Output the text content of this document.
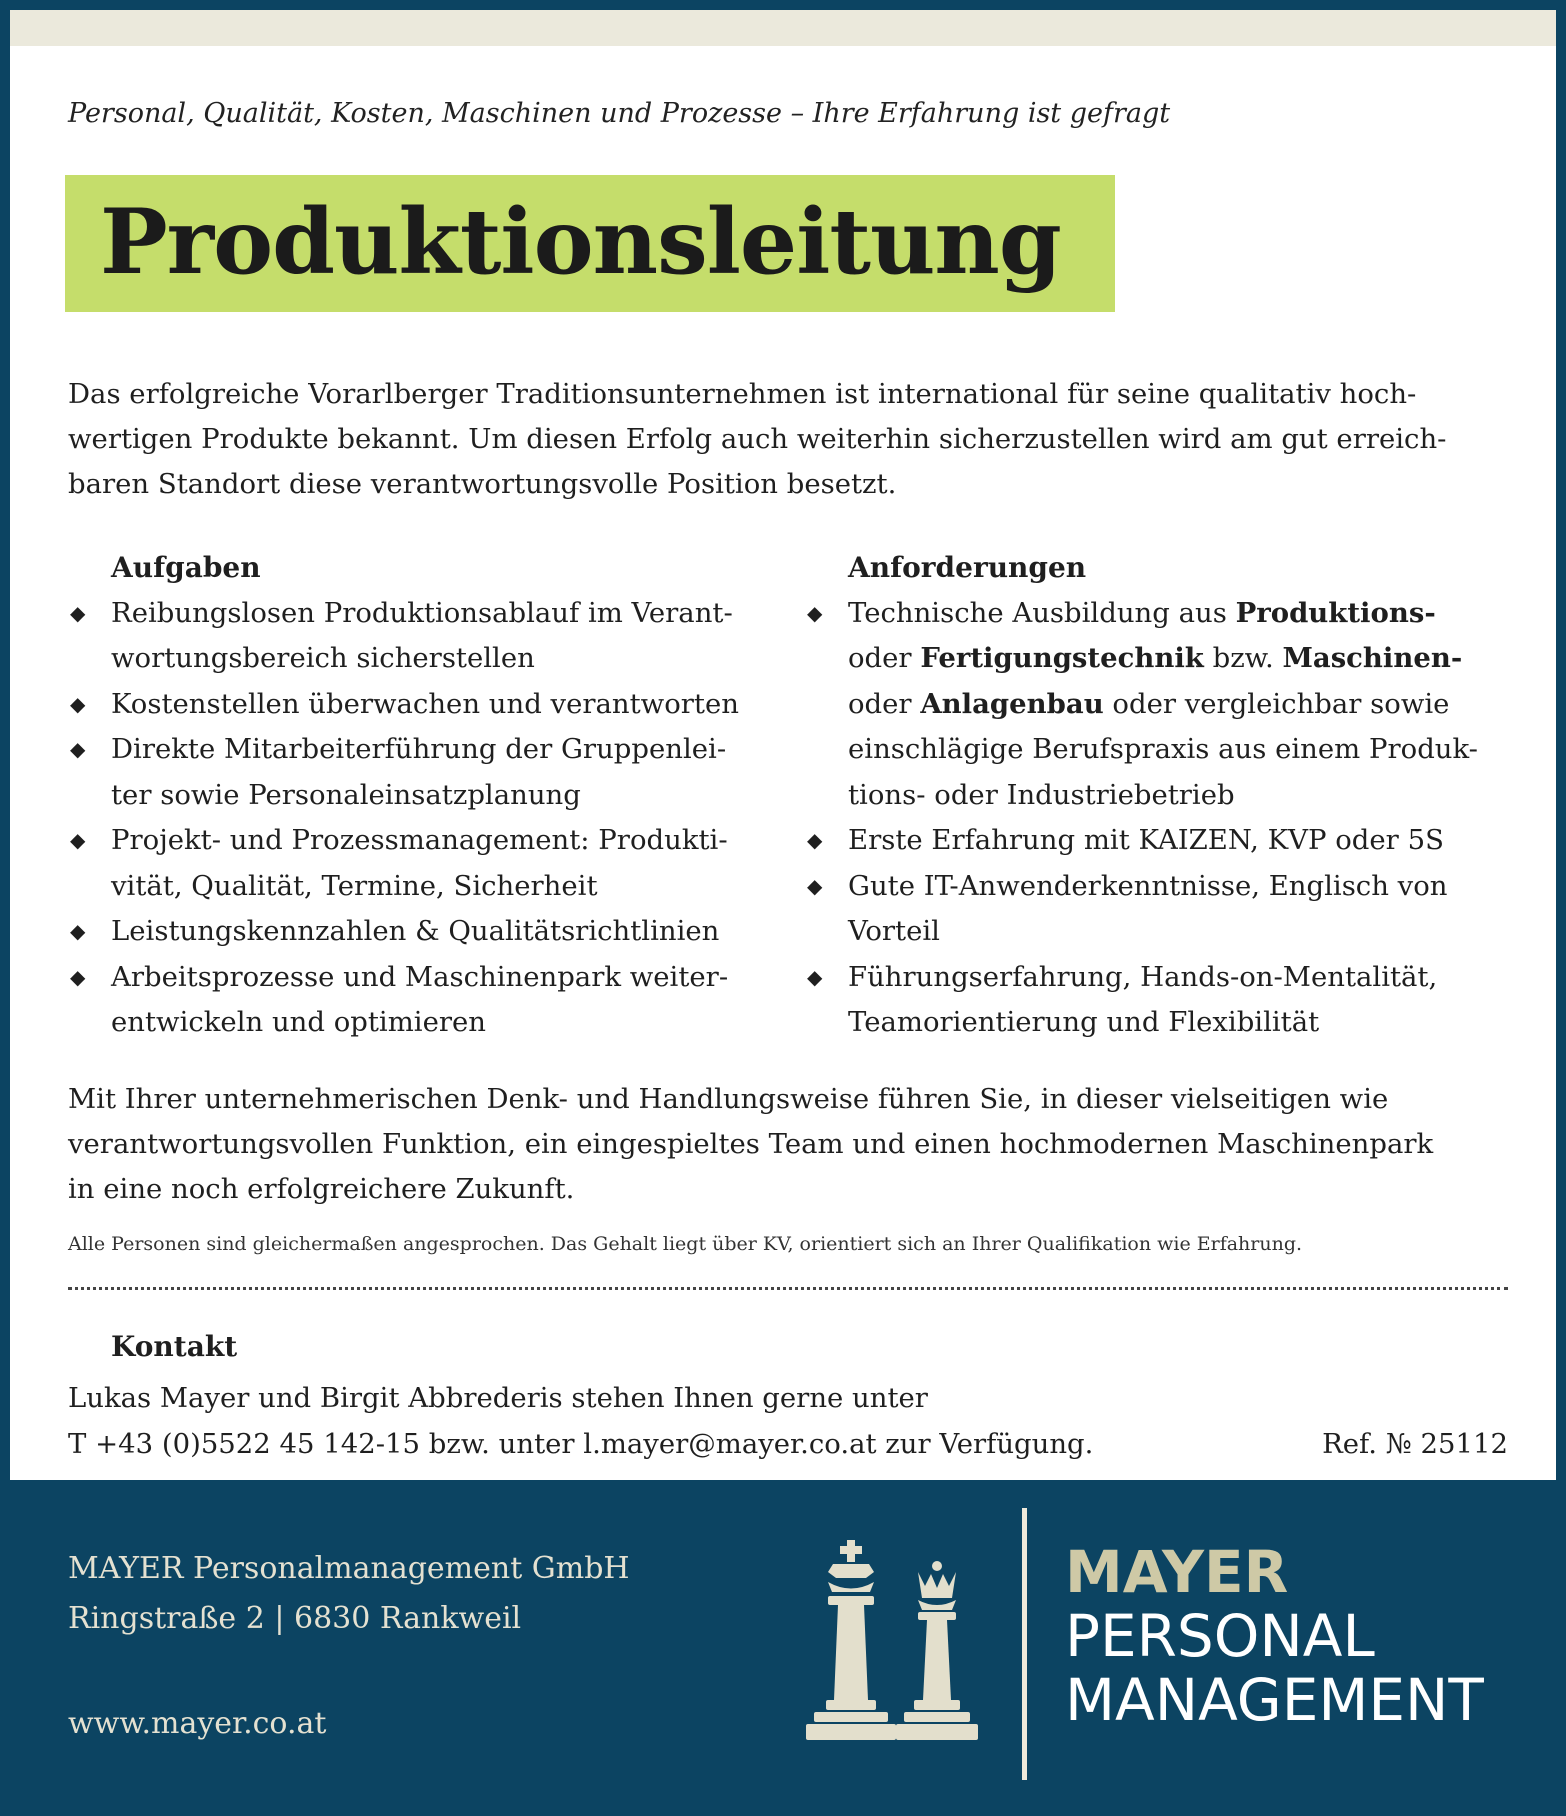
Personal, Qualität, Kosten, Maschinen und Prozesse – Ihre Erfahrung ist gefragt
Produktionsleitung
Das erfolgreiche Vorarlberger Traditionsunternehmen ist international für seine qualitativ hoch-
wertigen Produkte bekannt. Um diesen Erfolg auch weiterhin sicherzustellen wird am gut erreich-
baren Standort diese verantwortungsvolle Position besetzt.
Aufgaben
◆ Reibungslosen Produktionsablauf im Verant-
wortungsbereich sicherstellen
◆ Kostenstellen überwachen und verantworten
◆ Direkte Mitarbeiterführung der Gruppenlei-
ter sowie Personaleinsatzplanung
◆ Projekt- und Prozessmanagement: Produkti-
vität, Qualität, Termine, Sicherheit
◆ Leistungskennzahlen & Qualitätsrichtlinien
◆ Arbeitsprozesse und Maschinenpark weiter-
entwickeln und optimieren
Anforderungen
◆ Technische Ausbildung aus Produktions-
oder Fertigungstechnik bzw. Maschinen-
oder Anlagenbau oder vergleichbar sowie
einschlägige Berufspraxis aus einem Produk-
tions- oder Industriebetrieb
◆ Erste Erfahrung mit KAIZEN, KVP oder 5S
◆ Gute IT-Anwenderkenntnisse, Englisch von
Vorteil
◆ Führungserfahrung, Hands-on-Mentalität,
Teamorientierung und Flexibilität
Mit Ihrer unternehmerischen Denk- und Handlungsweise führen Sie, in dieser vielseitigen wie
verantwortungsvollen Funktion, ein eingespieltes Team und einen hochmodernen Maschinenpark
in eine noch erfolgreichere Zukunft.
Alle Personen sind gleichermaßen angesprochen. Das Gehalt liegt über KV, orientiert sich an Ihrer Qualifikation wie Erfahrung.
Kontakt
Lukas Mayer und Birgit Abbrederis stehen Ihnen gerne unter
T +43 (0)5522 45 142-15 bzw. unter l.mayer@mayer.co.at zur Verfügung.	Ref. № 25112
MAYER Personalmanagement GmbH
Ringstraße 2 | 6830 Rankweil
www.mayer.co.at
MAYER
PERSONAL
MANAGEMENT
